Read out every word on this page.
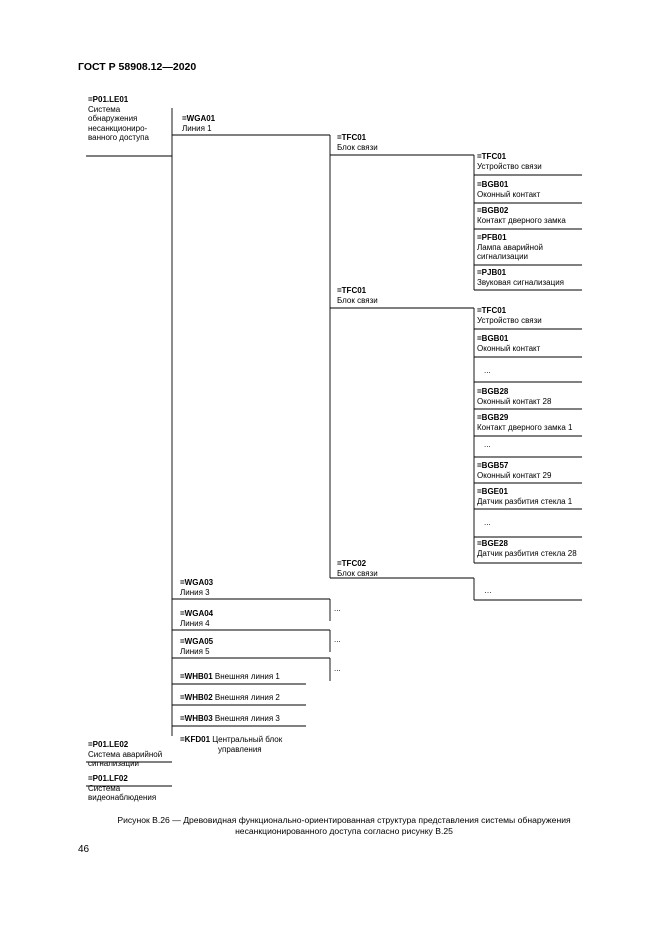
ГОСТ Р 58908.12—2020
=P01.LE01
Система
обнаружения
несанкциониро-
ванного доступа
=WGA01
Линия 1
=TFC01
Блок связи
=TFC01
Устройство связи
=BGB01
Оконный контакт
=BGB02
Контакт дверного замка
=PFB01
Лампа аварийной
сигнализации
=PJB01
Звуковая сигнализация
=TFC01
Блок связи
=TFC01
Устройство связи
=BGB01
Оконный контакт
...
=BGB28
Оконный контакт 28
=BGB29
Контакт дверного замка 1
...
=BGB57
Оконный контакт 29
=BGE01
Датчик разбития стекла 1
...
=BGE28
Датчик разбития стекла 28
=TFC02
Блок связи
…
=WGA03
Линия 3
...
=WGA04
Линия 4
...
=WGA05
Линия 5
...
=WHB01 Внешняя линия 1
=WHB02 Внешняя линия 2
=WHB03 Внешняя линия 3
=KFD01 Центральный блок
управления
=P01.LE02
Система аварийной
сигнализации
=P01.LF02
Система
видеонаблюдения
Рисунок В.26 — Древовидная функционально-ориентированная структура представления системы обнаружения
несанкционированного доступа согласно рисунку В.25
46
